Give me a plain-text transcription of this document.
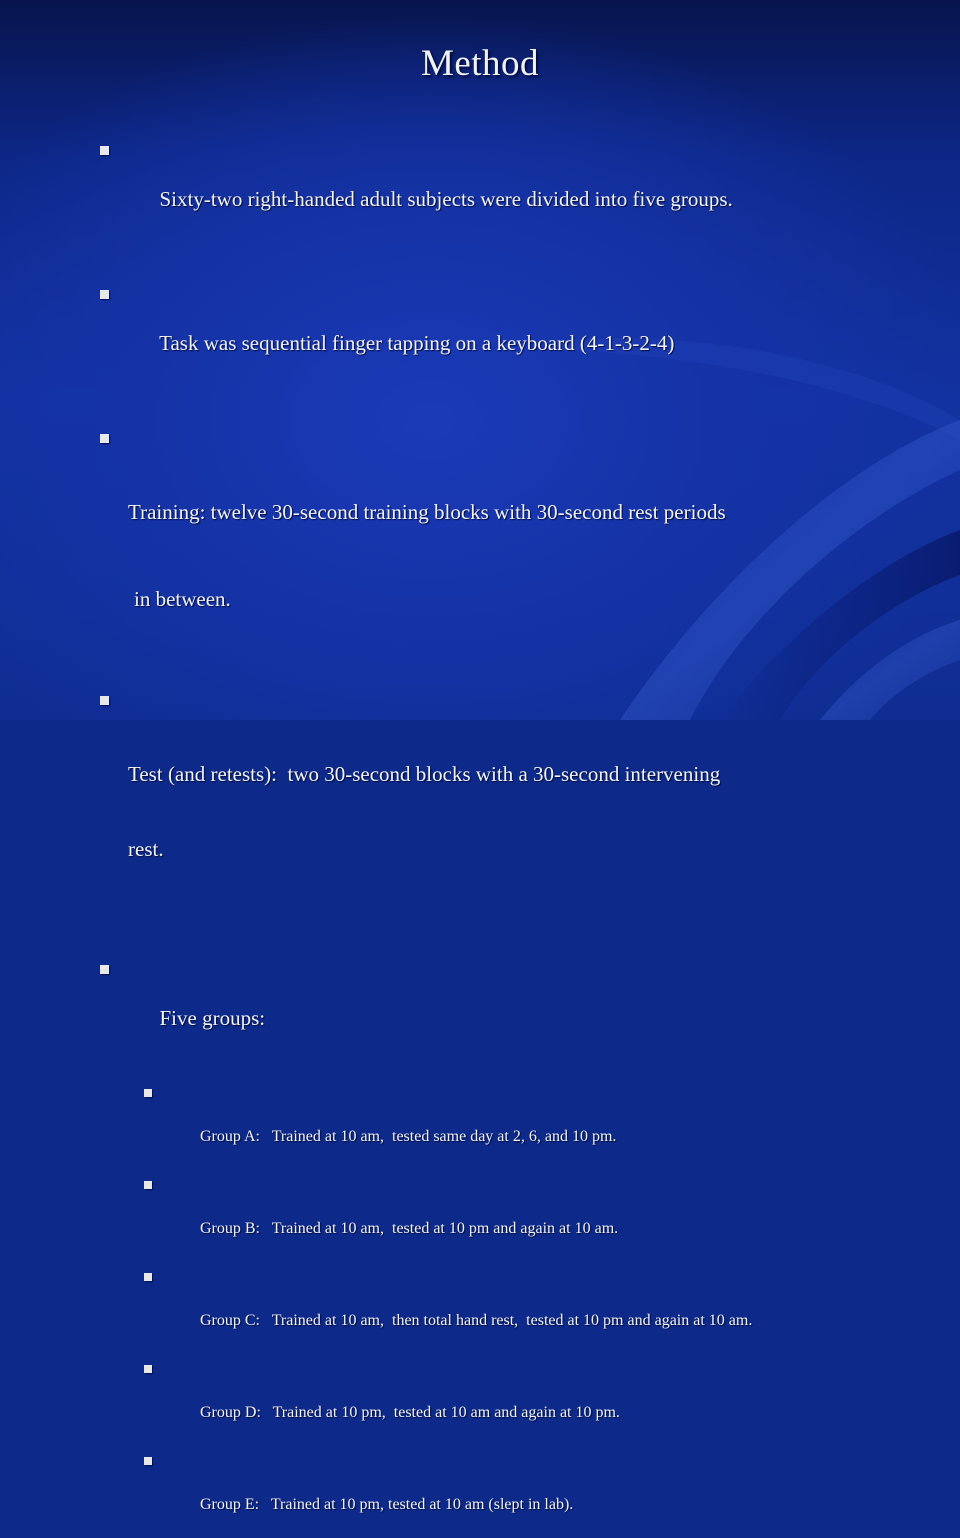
Method

Sixty-two right-handed adult subjects were divided into five groups.

Task was sequential finger tapping on a keyboard (4-1-3-2-4)

Training: twelve 30-second training blocks with 30-second rest periods

in between.

Test (and retests):  two 30-second blocks with a 30-second intervening

rest.

Five groups:

Group A:   Trained at 10 am,  tested same day at 2, 6, and 10 pm.

Group B:   Trained at 10 am,  tested at 10 pm and again at 10 am.

Group C:   Trained at 10 am,  then total hand rest,  tested at 10 pm and again at 10 am.

Group D:   Trained at 10 pm,  tested at 10 am and again at 10 pm.

Group E:   Trained at 10 pm, tested at 10 am (slept in lab).
